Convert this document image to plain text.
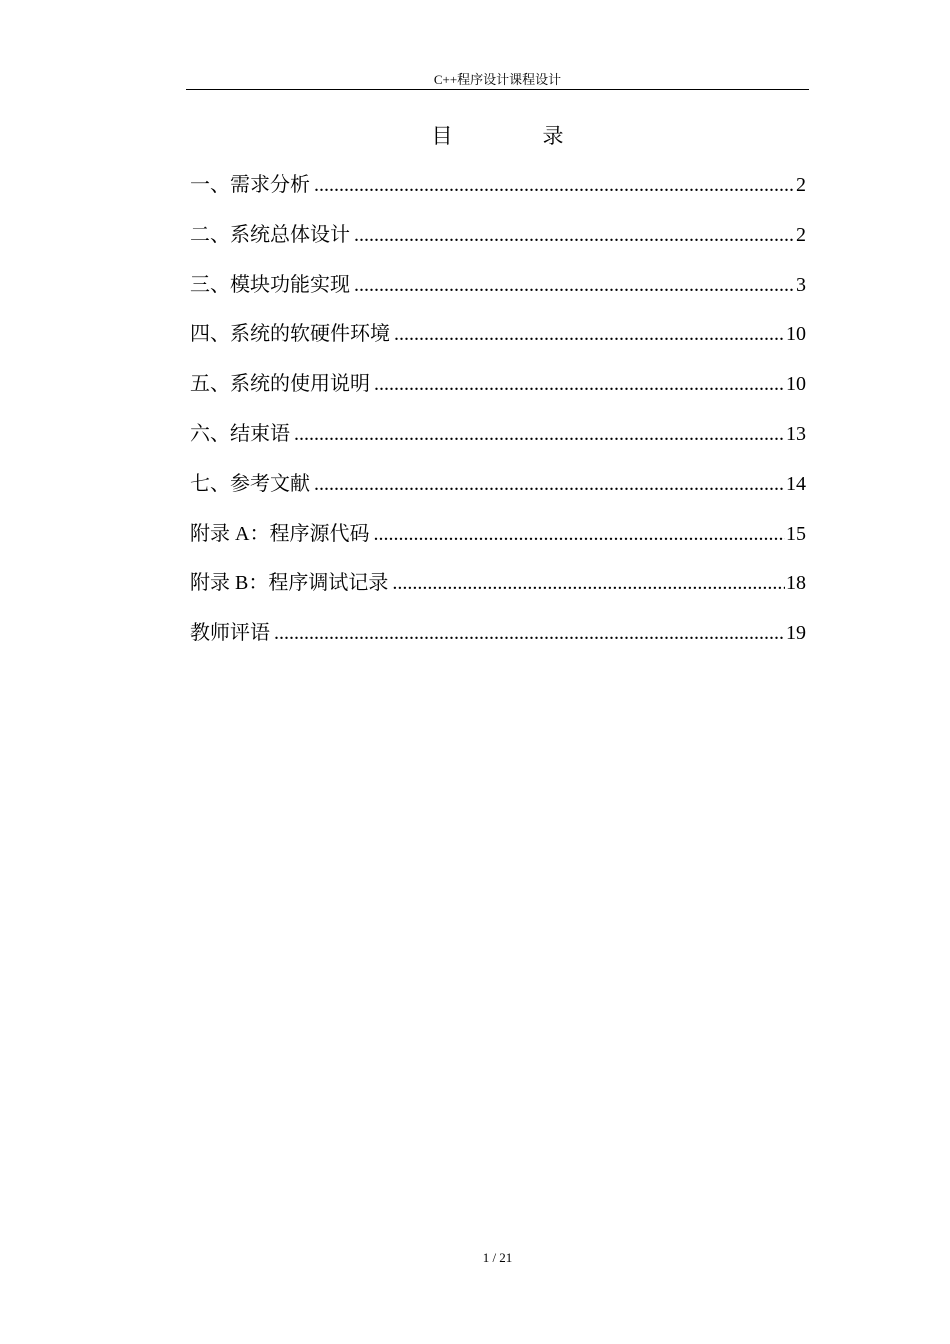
C++程序设计课程设计
目	录
一、需求分析 .....	2
二、系统总体设计 .....	2
三、模块功能实现 .....	3
四、系统的软硬件环境 .....	10
五、系统的使用说明 .....	10
六、结束语 .....	13
七、参考文献 .....	14
附录 A：程序源代码 .....	15
附录 B：程序调试记录 .....	18
教师评语 .....	19
1 / 21
